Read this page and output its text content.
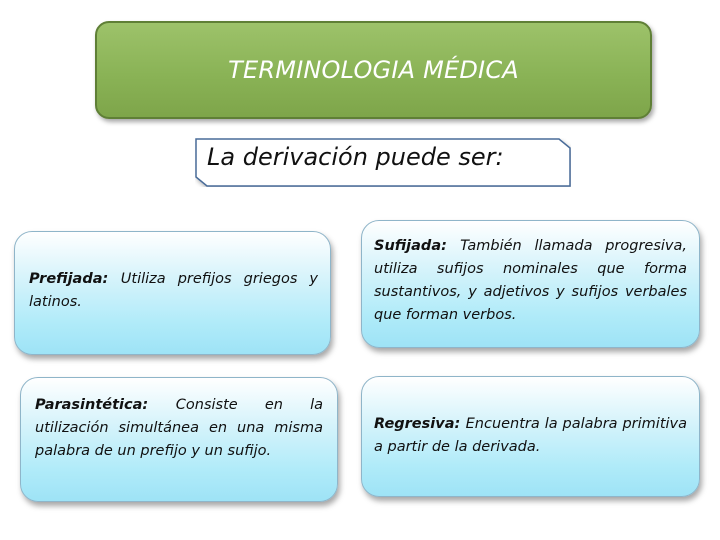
TERMINOLOGIA MÉDICA
La derivación puede ser:
Prefijada: Utiliza prefijos griegos y latinos.
Sufijada: También llamada progresiva, utiliza sufijos nominales que forma sustantivos, y adjetivos y sufijos verbales que forman verbos.
Parasintética: Consiste en la utilización simultánea en una misma palabra de un prefijo y un sufijo.
Regresiva: Encuentra la palabra primitiva a partir de la derivada.
